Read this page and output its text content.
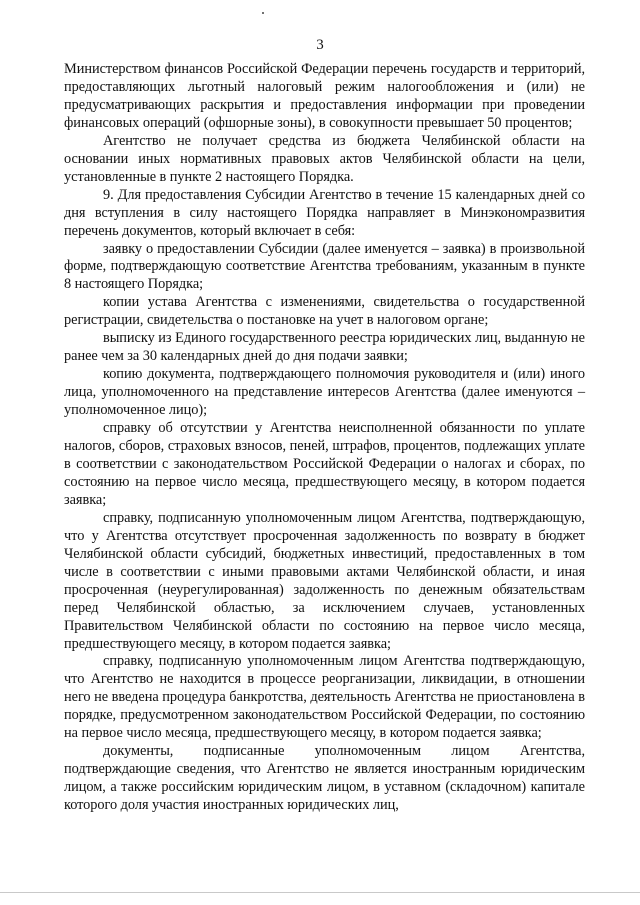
3

Министерством финансов Российской Федерации перечень государств и территорий, предоставляющих льготный налоговый режим налогообложения и (или) не предусматривающих раскрытия и предоставления информации при проведении финансовых операций (офшорные зоны), в совокупности превышает 50 процентов;

Агентство не получает средства из бюджета Челябинской области на основании иных нормативных правовых актов Челябинской области на цели, установленные в пункте 2 настоящего Порядка.

9. Для предоставления Субсидии Агентство в течение 15 календарных дней со дня вступления в силу настоящего Порядка направляет в Минэкономразвития перечень документов, который включает в себя:

заявку о предоставлении Субсидии (далее именуется – заявка) в произвольной форме, подтверждающую соответствие Агентства требованиям, указанным в пункте 8 настоящего Порядка;

копии устава Агентства с изменениями, свидетельства о государственной регистрации, свидетельства о постановке на учет в налоговом органе;

выписку из Единого государственного реестра юридических лиц, выданную не ранее чем за 30 календарных дней до дня подачи заявки;

копию документа, подтверждающего полномочия руководителя и (или) иного лица, уполномоченного на представление интересов Агентства (далее именуются – уполномоченное лицо);

справку об отсутствии у Агентства неисполненной обязанности по уплате налогов, сборов, страховых взносов, пеней, штрафов, процентов, подлежащих уплате в соответствии с законодательством Российской Федерации о налогах и сборах, по состоянию на первое число месяца, предшествующего месяцу, в котором подается заявка;

справку, подписанную уполномоченным лицом Агентства, подтверждающую, что у Агентства отсутствует просроченная задолженность по возврату в бюджет Челябинской области субсидий, бюджетных инвестиций, предоставленных в том числе в соответствии с иными правовыми актами Челябинской области, и иная просроченная (неурегулированная) задолженность по денежным обязательствам перед Челябинской областью, за исключением случаев, установленных Правительством Челябинской области по состоянию на первое число месяца, предшествующего месяцу, в котором подается заявка;

справку, подписанную уполномоченным лицом Агентства подтверждающую, что Агентство не находится в процессе реорганизации, ликвидации, в отношении него не введена процедура банкротства, деятельность Агентства не приостановлена в порядке, предусмотренном законодательством Российской Федерации, по состоянию на первое число месяца, предшествующего месяцу, в котором подается заявка;

документы, подписанные уполномоченным лицом Агентства, подтверждающие сведения, что Агентство не является иностранным юридическим лицом, а также российским юридическим лицом, в уставном (складочном) капитале которого доля участия иностранных юридических лиц,
